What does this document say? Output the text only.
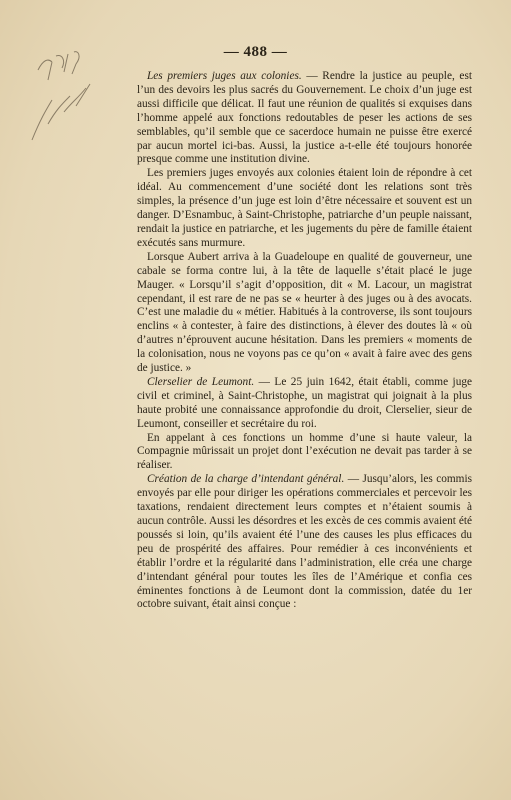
— 488 —

Les premiers juges aux colonies. — Rendre la justice au peuple, est l’un des devoirs les plus sacrés du Gouvernement. Le choix d’un juge est aussi difficile que délicat. Il faut une réunion de qualités si exquises dans l’homme appelé aux fonctions redoutables de peser les actions de ses semblables, qu’il semble que ce sacerdoce humain ne puisse être exercé par aucun mortel ici-bas. Aussi, la justice a-t-elle été toujours honorée presque comme une institution divine.

Les premiers juges envoyés aux colonies étaient loin de répondre à cet idéal. Au commencement d’une société dont les relations sont très simples, la présence d’un juge est loin d’être nécessaire et souvent est un danger. D’Esnambuc, à Saint-Christophe, patriarche d’un peuple naissant, rendait la justice en patriarche, et les jugements du père de famille étaient exécutés sans murmure.

Lorsque Aubert arriva à la Guadeloupe en qualité de gouverneur, une cabale se forma contre lui, à la tête de laquelle s’était placé le juge Mauger. « Lorsqu’il s’agit d’opposition, dit « M. Lacour, un magistrat cependant, il est rare de ne pas se « heurter à des juges ou à des avocats. C’est une maladie du « métier. Habitués à la controverse, ils sont toujours enclins « à contester, à faire des distinctions, à élever des doutes là « où d’autres n’éprouvent aucune hésitation. Dans les premiers « moments de la colonisation, nous ne voyons pas ce qu’on « avait à faire avec des gens de justice. »

Clerselier de Leumont. — Le 25 juin 1642, était établi, comme juge civil et criminel, à Saint-Christophe, un magistrat qui joignait à la plus haute probité une connaissance approfondie du droit, Clerselier, sieur de Leumont, conseiller et secrétaire du roi.

En appelant à ces fonctions un homme d’une si haute valeur, la Compagnie mûrissait un projet dont l’exécution ne devait pas tarder à se réaliser.

Création de la charge d’intendant général. — Jusqu’alors, les commis envoyés par elle pour diriger les opérations commerciales et percevoir les taxations, rendaient directement leurs comptes et n’étaient soumis à aucun contrôle. Aussi les désordres et les excès de ces commis avaient été poussés si loin, qu’ils avaient été l’une des causes les plus efficaces du peu de prospérité des affaires. Pour remédier à ces inconvénients et établir l’ordre et la régularité dans l’administration, elle créa une charge d’intendant général pour toutes les îles de l’Amérique et confia ces éminentes fonctions à de Leumont dont la commission, datée du 1er octobre suivant, était ainsi conçue :
